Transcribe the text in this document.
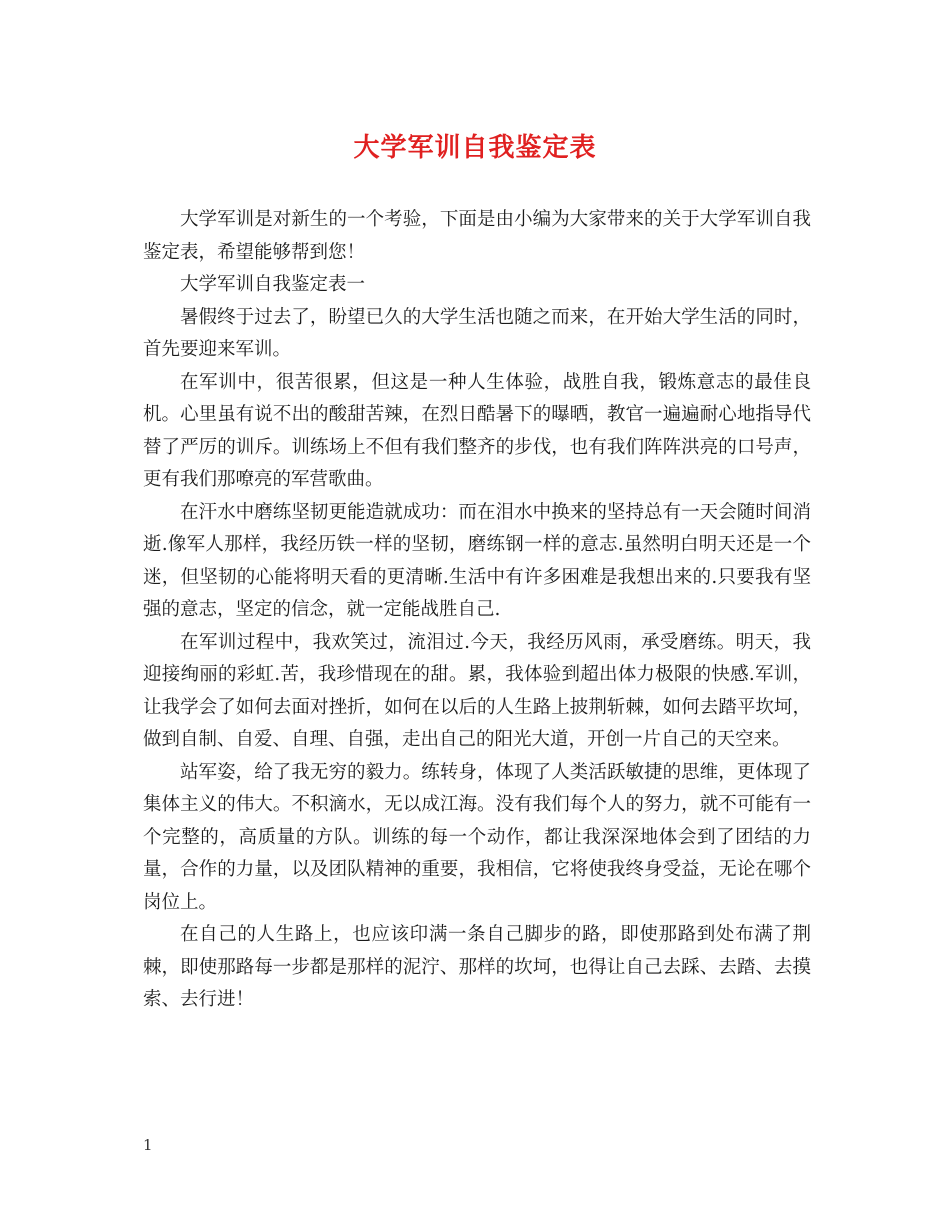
大学军训自我鉴定表

大学军训是对新生的一个考验，下面是由小编为大家带来的关于大学军训自我鉴定表，希望能够帮到您！

大学军训自我鉴定表一

暑假终于过去了，盼望已久的大学生活也随之而来，在开始大学生活的同时，首先要迎来军训。

在军训中，很苦很累，但这是一种人生体验，战胜自我，锻炼意志的最佳良机。心里虽有说不出的酸甜苦辣，在烈日酷暑下的曝晒，教官一遍遍耐心地指导代替了严厉的训斥。训练场上不但有我们整齐的步伐，也有我们阵阵洪亮的口号声，更有我们那嘹亮的军营歌曲。

在汗水中磨练坚韧更能造就成功：而在泪水中换来的坚持总有一天会随时间消逝.像军人那样，我经历铁一样的坚韧，磨练钢一样的意志.虽然明白明天还是一个迷，但坚韧的心能将明天看的更清晰.生活中有许多困难是我想出来的.只要我有坚强的意志，坚定的信念，就一定能战胜自己.

在军训过程中，我欢笑过，流泪过.今天，我经历风雨，承受磨练。明天，我迎接绚丽的彩虹.苦，我珍惜现在的甜。累，我体验到超出体力极限的快感.军训，让我学会了如何去面对挫折，如何在以后的人生路上披荆斩棘，如何去踏平坎坷，做到自制、自爱、自理、自强，走出自己的阳光大道，开创一片自己的天空来。

站军姿，给了我无穷的毅力。练转身，体现了人类活跃敏捷的思维，更体现了集体主义的伟大。不积滴水，无以成江海。没有我们每个人的努力，就不可能有一个完整的，高质量的方队。训练的每一个动作，都让我深深地体会到了团结的力量，合作的力量，以及团队精神的重要，我相信，它将使我终身受益，无论在哪个岗位上。

在自己的人生路上，也应该印满一条自己脚步的路，即使那路到处布满了荆棘，即使那路每一步都是那样的泥泞、那样的坎坷，也得让自己去踩、去踏、去摸索、去行进！

1
